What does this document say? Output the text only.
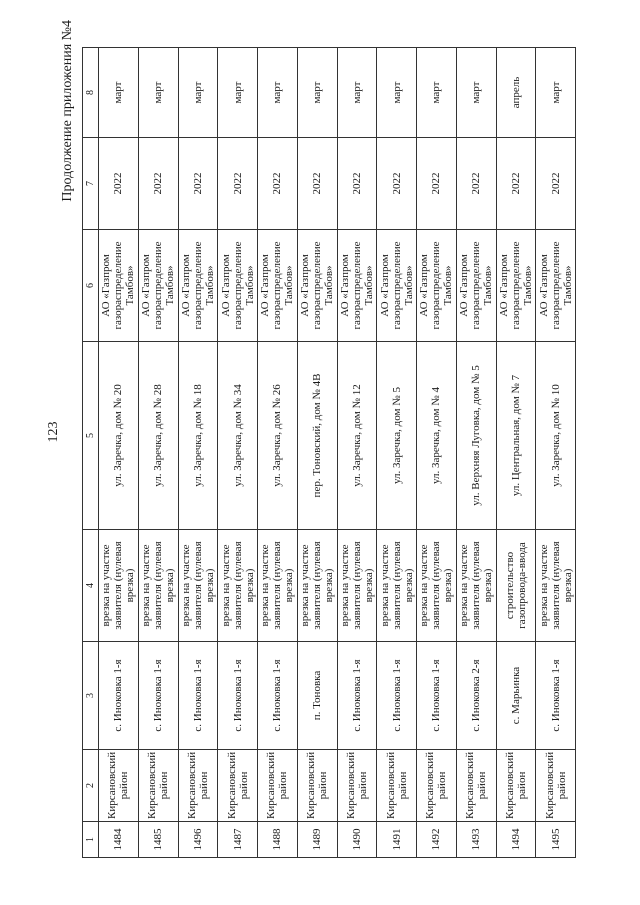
123
Продолжение приложения №4
1	2	3	4	5	6	7	8
1484	Кирсановский район	с. Иноковка 1-я	врезка на участке заявителя (нулевая врезка)	ул. Заречка, дом № 20	АО «Газпром газораспределение Тамбов»	2022	март
1485	Кирсановский район	с. Иноковка 1-я	врезка на участке заявителя (нулевая врезка)	ул. Заречка, дом № 28	АО «Газпром газораспределение Тамбов»	2022	март
1496	Кирсановский район	с. Иноковка 1-я	врезка на участке заявителя (нулевая врезка)	ул. Заречка, дом № 18	АО «Газпром газораспределение Тамбов»	2022	март
1487	Кирсановский район	с. Иноковка 1-я	врезка на участке заявителя (нулевая врезка)	ул. Заречка, дом № 34	АО «Газпром газораспределение Тамбов»	2022	март
1488	Кирсановский район	с. Иноковка 1-я	врезка на участке заявителя (нулевая врезка)	ул. Заречка, дом № 26	АО «Газпром газораспределение Тамбов»	2022	март
1489	Кирсановский район	п. Тоновка	врезка на участке заявителя (нулевая врезка)	пер. Тоновский, дом № 4В	АО «Газпром газораспределение Тамбов»	2022	март
1490	Кирсановский район	с. Иноковка 1-я	врезка на участке заявителя (нулевая врезка)	ул. Заречка, дом № 12	АО «Газпром газораспределение Тамбов»	2022	март
1491	Кирсановский район	с. Иноковка 1-я	врезка на участке заявителя (нулевая врезка)	ул. Заречка, дом № 5	АО «Газпром газораспределение Тамбов»	2022	март
1492	Кирсановский район	с. Иноковка 1-я	врезка на участке заявителя (нулевая врезка)	ул. Заречка, дом № 4	АО «Газпром газораспределение Тамбов»	2022	март
1493	Кирсановский район	с. Иноковка 2-я	врезка на участке заявителя (нулевая врезка)	ул. Верхняя Луговка, дом № 5	АО «Газпром газораспределение Тамбов»	2022	март
1494	Кирсановский район	с. Марьинка	строительство газопровода-ввода	ул. Центральная, дом № 7	АО «Газпром газораспределение Тамбов»	2022	апрель
1495	Кирсановский район	с. Иноковка 1-я	врезка на участке заявителя (нулевая врезка)	ул. Заречка, дом № 10	АО «Газпром газораспределение Тамбов»	2022	март
